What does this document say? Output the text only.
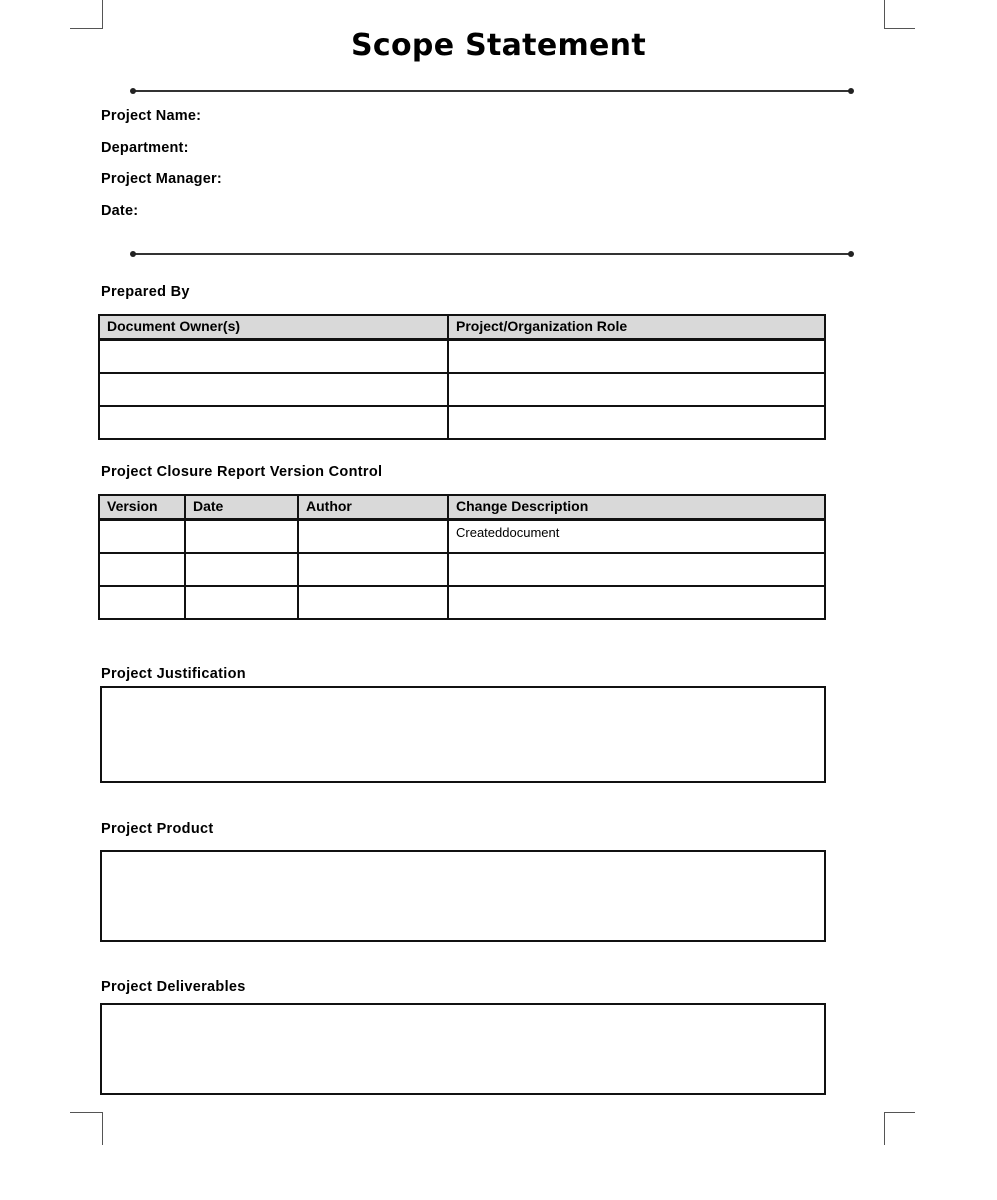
Scope Statement
Project Name:
Department:
Project Manager:
Date:
Prepared By
Document Owner(s)	Project/Organization Role

Project Closure Report Version Control
Version	Date	Author	Change Description
			Createddocument

Project Justification
Project Product
Project Deliverables
